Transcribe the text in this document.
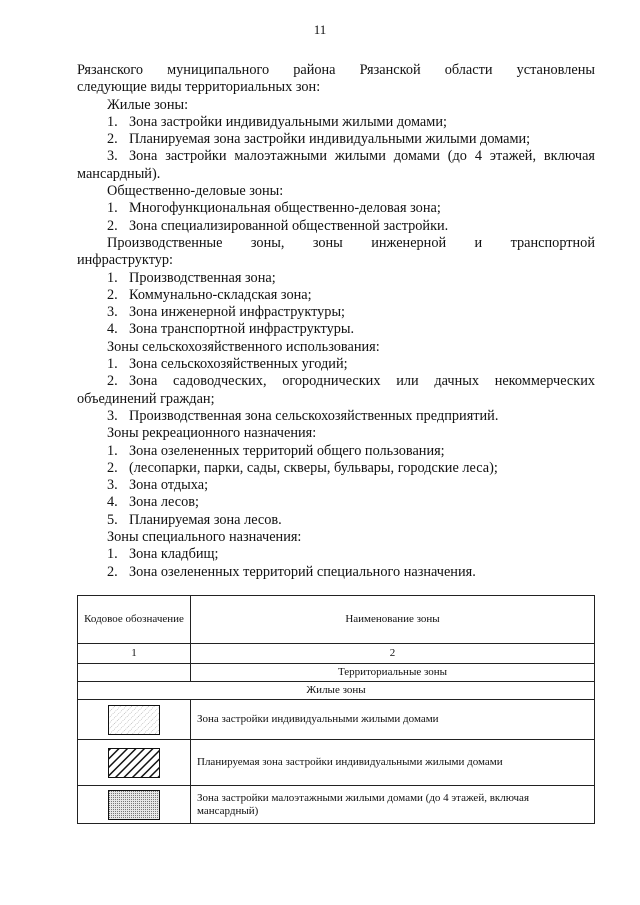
11

Рязанского муниципального района Рязанской области установлены

следующие виды территориальных зон:

Жилые зоны:

1. Зона застройки индивидуальными жилыми домами;
2. Планируемая зона застройки индивидуальными жилыми домами;
3. Зона застройки малоэтажными жилыми домами (до 4 этажей, включая

мансардный).

Общественно-деловые зоны:

1. Многофункциональная общественно-деловая зона;
2. Зона специализированной общественной застройки.

Производственные зоны, зоны инженерной и транспортной

инфраструктур:

1. Производственная зона;
2. Коммунально-складская зона;
3. Зона инженерной инфраструктуры;
4. Зона транспортной инфраструктуры.

Зоны сельскохозяйственного использования:

1. Зона сельскохозяйственных угодий;
2. Зона садоводческих, огороднических или дачных некоммерческих

объединений граждан;

3. Производственная зона сельскохозяйственных предприятий.

Зоны рекреационного назначения:

1. Зона озелененных территорий общего пользования;
2. (лесопарки, парки, сады, скверы, бульвары, городские леса);
3. Зона отдыха;
4. Зона лесов;
5. Планируемая зона лесов.

Зоны специального назначения:

1. Зона кладбищ;
2. Зона озелененных территорий специального назначения.
Кодовое обозначение	Наименование зоны
1	2
	Территориальные зоны
Жилые зоны	

	Зона застройки индивидуальными жилыми домами

	Планируемая зона застройки индивидуальными жилыми домами

	Зона застройки малоэтажными жилыми домами (до 4 этажей, включая мансардный)
